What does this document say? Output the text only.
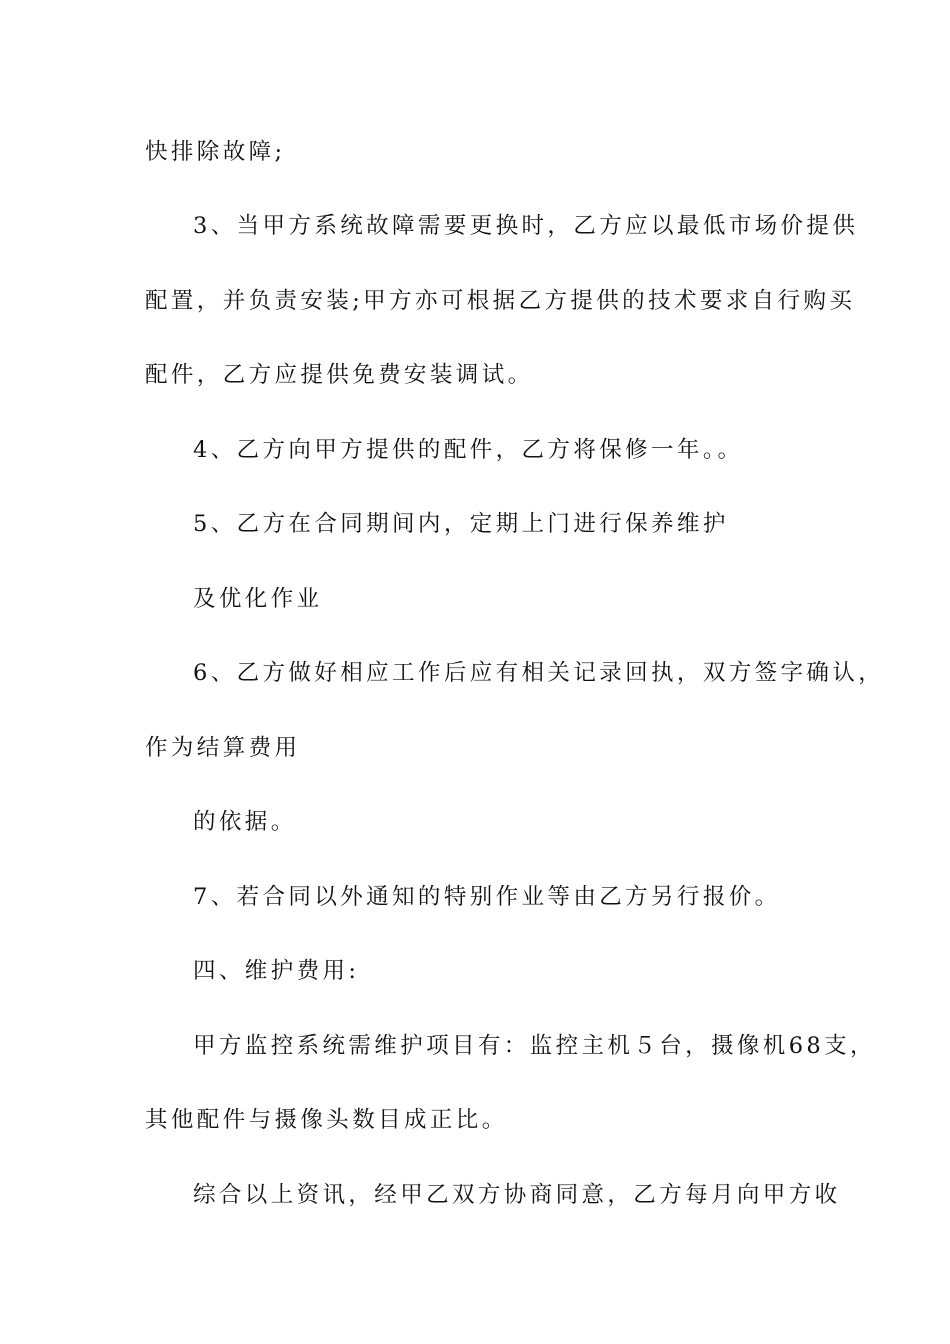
快排除故障;
3、当甲方系统故障需要更换时，乙方应以最低市场价提供
配置，并负责安装;甲方亦可根据乙方提供的技术要求自行购买
配件，乙方应提供免费安装调试。
4、乙方向甲方提供的配件，乙方将保修一年。。
5、乙方在合同期间内，定期上门进行保养维护
及优化作业
6、乙方做好相应工作后应有相关记录回执，双方签字确认，
作为结算费用
的依据。
7、若合同以外通知的特别作业等由乙方另行报价。
四、维护费用:
甲方监控系统需维护项目有：监控主机５台，摄像机68支，
其他配件与摄像头数目成正比。
综合以上资讯，经甲乙双方协商同意，乙方每月向甲方收
